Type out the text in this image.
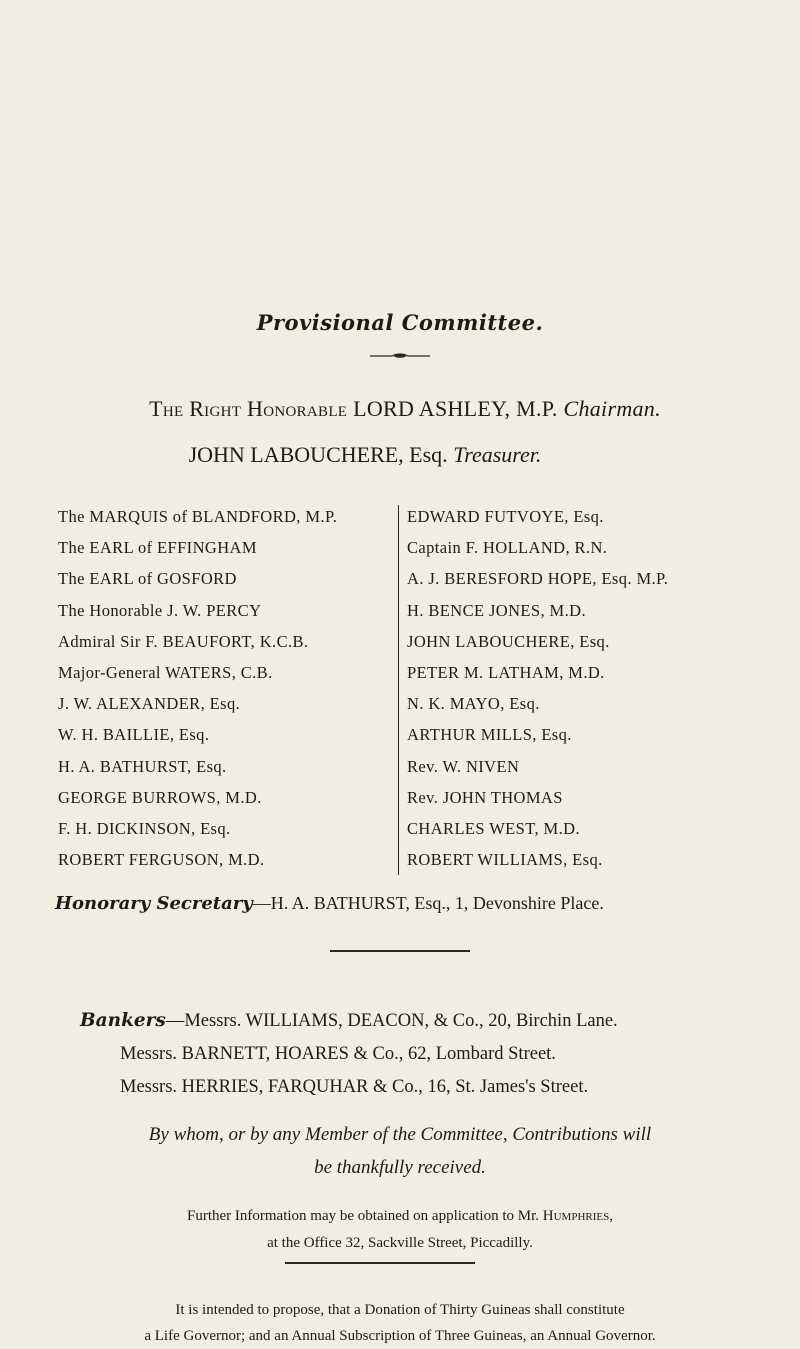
Provisional Committee.
The Right Honorable LORD ASHLEY, M.P. Chairman.
JOHN LABOUCHERE, Esq. Treasurer.
The MARQUIS of BLANDFORD, M.P.
The EARL of EFFINGHAM
The EARL of GOSFORD
The Honorable J. W. PERCY
Admiral Sir F. BEAUFORT, K.C.B.
Major-General WATERS, C.B.
J. W. ALEXANDER, Esq.
W. H. BAILLIE, Esq.
H. A. BATHURST, Esq.
GEORGE BURROWS, M.D.
F. H. DICKINSON, Esq.
ROBERT FERGUSON, M.D.
EDWARD FUTVOYE, Esq.
Captain F. HOLLAND, R.N.
A. J. BERESFORD HOPE, Esq. M.P.
H. BENCE JONES, M.D.
JOHN LABOUCHERE, Esq.
PETER M. LATHAM, M.D.
N. K. MAYO, Esq.
ARTHUR MILLS, Esq.
Rev. W. NIVEN
Rev. JOHN THOMAS
CHARLES WEST, M.D.
ROBERT WILLIAMS, Esq.
Honorary Secretary—H. A. BATHURST, Esq., 1, Devonshire Place.
Bankers—Messrs. WILLIAMS, DEACON, & Co., 20, Birchin Lane.
Messrs. BARNETT, HOARES & Co., 62, Lombard Street.
Messrs. HERRIES, FARQUHAR & Co., 16, St. James's Street.
By whom, or by any Member of the Committee, Contributions will
be thankfully received.
Further Information may be obtained on application to Mr. Humphries,
at the Office 32, Sackville Street, Piccadilly.
It is intended to propose, that a Donation of Thirty Guineas shall constitute
a Life Governor; and an Annual Subscription of Three Guineas, an Annual Governor.
